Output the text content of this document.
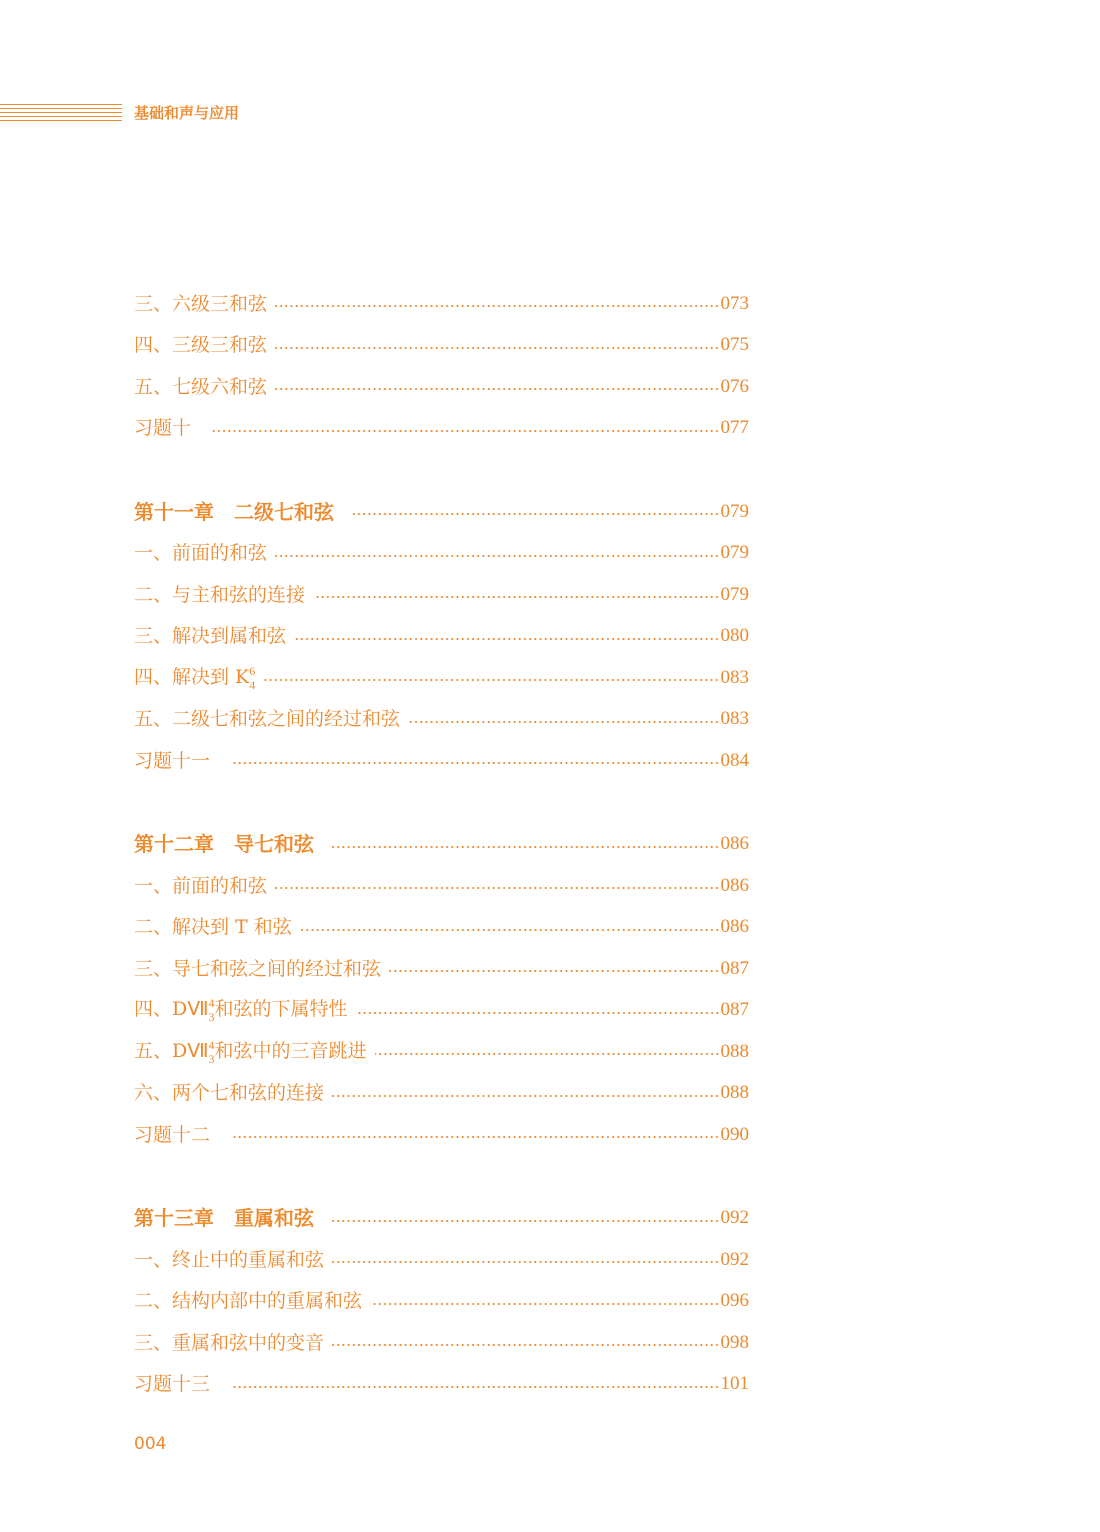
基础和声与应用
三、六级三和弦	073
四、三级三和弦	075
五、七级六和弦	076
习题十	077
第十一章　二级七和弦	079
一、前面的和弦	079
二、与主和弦的连接	079
三、解决到属和弦	080
四、解决到 $K^6_4$	083
五、二级七和弦之间的经过和弦	083
习题十一	084
第十二章　导七和弦	086
一、前面的和弦	086
二、解决到 T 和弦	086
三、导七和弦之间的经过和弦	087
四、DⅦ$^4_3$和弦的下属特性	087
五、DⅦ$^4_3$和弦中的三音跳进	088
六、两个七和弦的连接	088
习题十二	090
第十三章　重属和弦	092
一、终止中的重属和弦	092
二、结构内部中的重属和弦	096
三、重属和弦中的变音	098
习题十三	101
004
